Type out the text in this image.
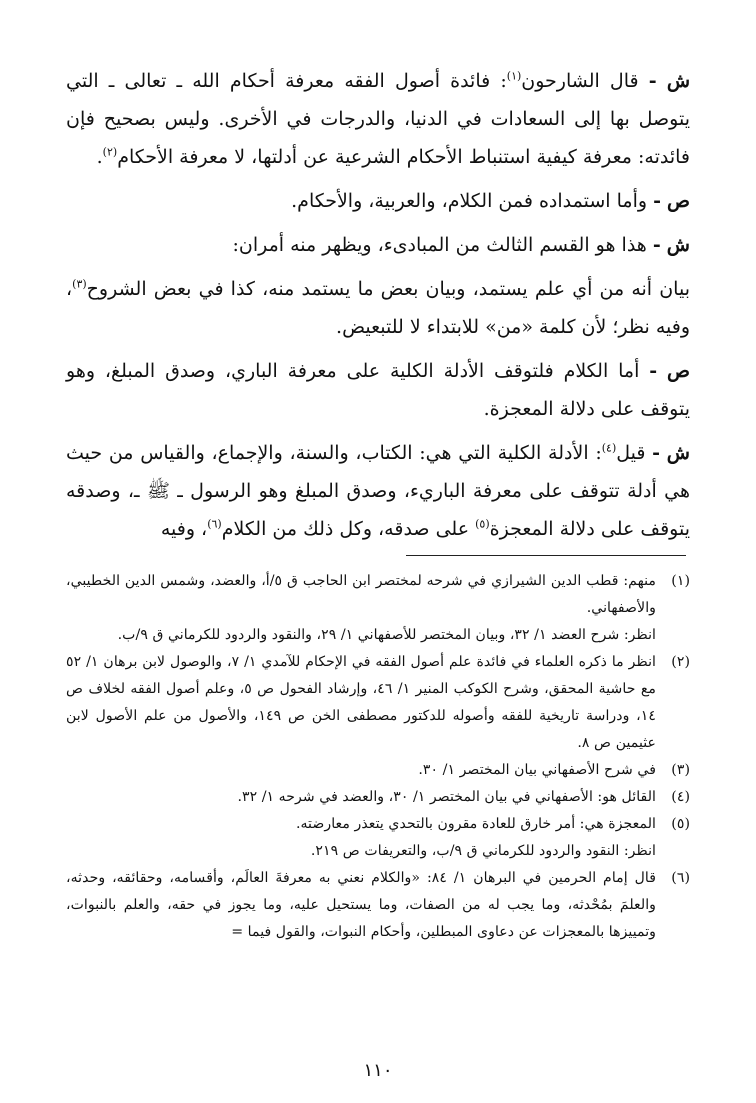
ش - قال الشارحون$^{(١)}$: فائدة أصول الفقه معرفة أحكام الله ـ تعالى ـ التي يتوصل بها إلى السعادات في الدنيا، والدرجات في الأخرى. وليس بصحيح فإن فائدته: معرفة كيفية استنباط الأحكام الشرعية عن أدلتها، لا معرفة الأحكام$^{(٢)}$.

ص - وأما استمداده فمن الكلام، والعربية، والأحكام.

ش - هذا هو القسم الثالث من المبادىء، ويظهر منه أمران:

بيان أنه من أي علم يستمد، وبيان بعض ما يستمد منه، كذا في بعض الشروح$^{(٣)}$، وفيه نظر؛ لأن كلمة «من» للابتداء لا للتبعيض.

ص - أما الكلام فلتوقف الأدلة الكلية على معرفة الباري، وصدق المبلغ، وهو يتوقف على دلالة المعجزة.

ش - قيل$^{(٤)}$: الأدلة الكلية التي هي: الكتاب، والسنة، والإجماع، والقياس من حيث هي أدلة تتوقف على معرفة الباريء، وصدق المبلغ وهو الرسول ـ ﷺ ـ، وصدقه يتوقف على دلالة المعجزة$^{(٥)}$ على صدقه، وكل ذلك من الكلام$^{(٦)}$، وفيه

(١)
منهم: قطب الدين الشيرازي في شرحه لمختصر ابن الحاجب ق ٥/أ، والعضد، وشمس الدين الخطيبي، والأصفهاني.
انظر: شرح العضد ١/ ٣٢، وبيان المختصر للأصفهاني ١/ ٢٩، والنقود والردود للكرماني ق ٩/ب.
(٢)
انظر ما ذكره العلماء في فائدة علم أصول الفقه في الإحكام للآمدي ١/ ٧، والوصول لابن برهان ١/ ٥٢ مع حاشية المحقق، وشرح الكوكب المنير ١/ ٤٦، وإرشاد الفحول ص ٥، وعلم أصول الفقه لخلاف ص ١٤، ودراسة تاريخية للفقه وأصوله للدكتور مصطفى الخن ص ١٤٩، والأصول من علم الأصول لابن عثيمين ص ٨.
(٣)
في شرح الأصفهاني بيان المختصر ١/ ٣٠.
(٤)
القائل هو: الأصفهاني في بيان المختصر ١/ ٣٠، والعضد في شرحه ١/ ٣٢.
(٥)
المعجزة هي: أمر خارق للعادة مقرون بالتحدي يتعذر معارضته.
انظر: النقود والردود للكرماني ق ٩/ب، والتعريفات ص ٢١٩.
(٦)
قال إمام الحرمين في البرهان ١/ ٨٤: «والكلام نعني به معرفةَ العالَم، وأقسامه، وحقائقه، وحدثه، والعلمَ بمُحْدثه، وما يجب له من الصفات، وما يستحيل عليه، وما يجوز في حقه، والعلم بالنبوات، وتمييزها بالمعجزات عن دعاوى المبطلين، وأحكام النبوات، والقول فيما =
١١٠
